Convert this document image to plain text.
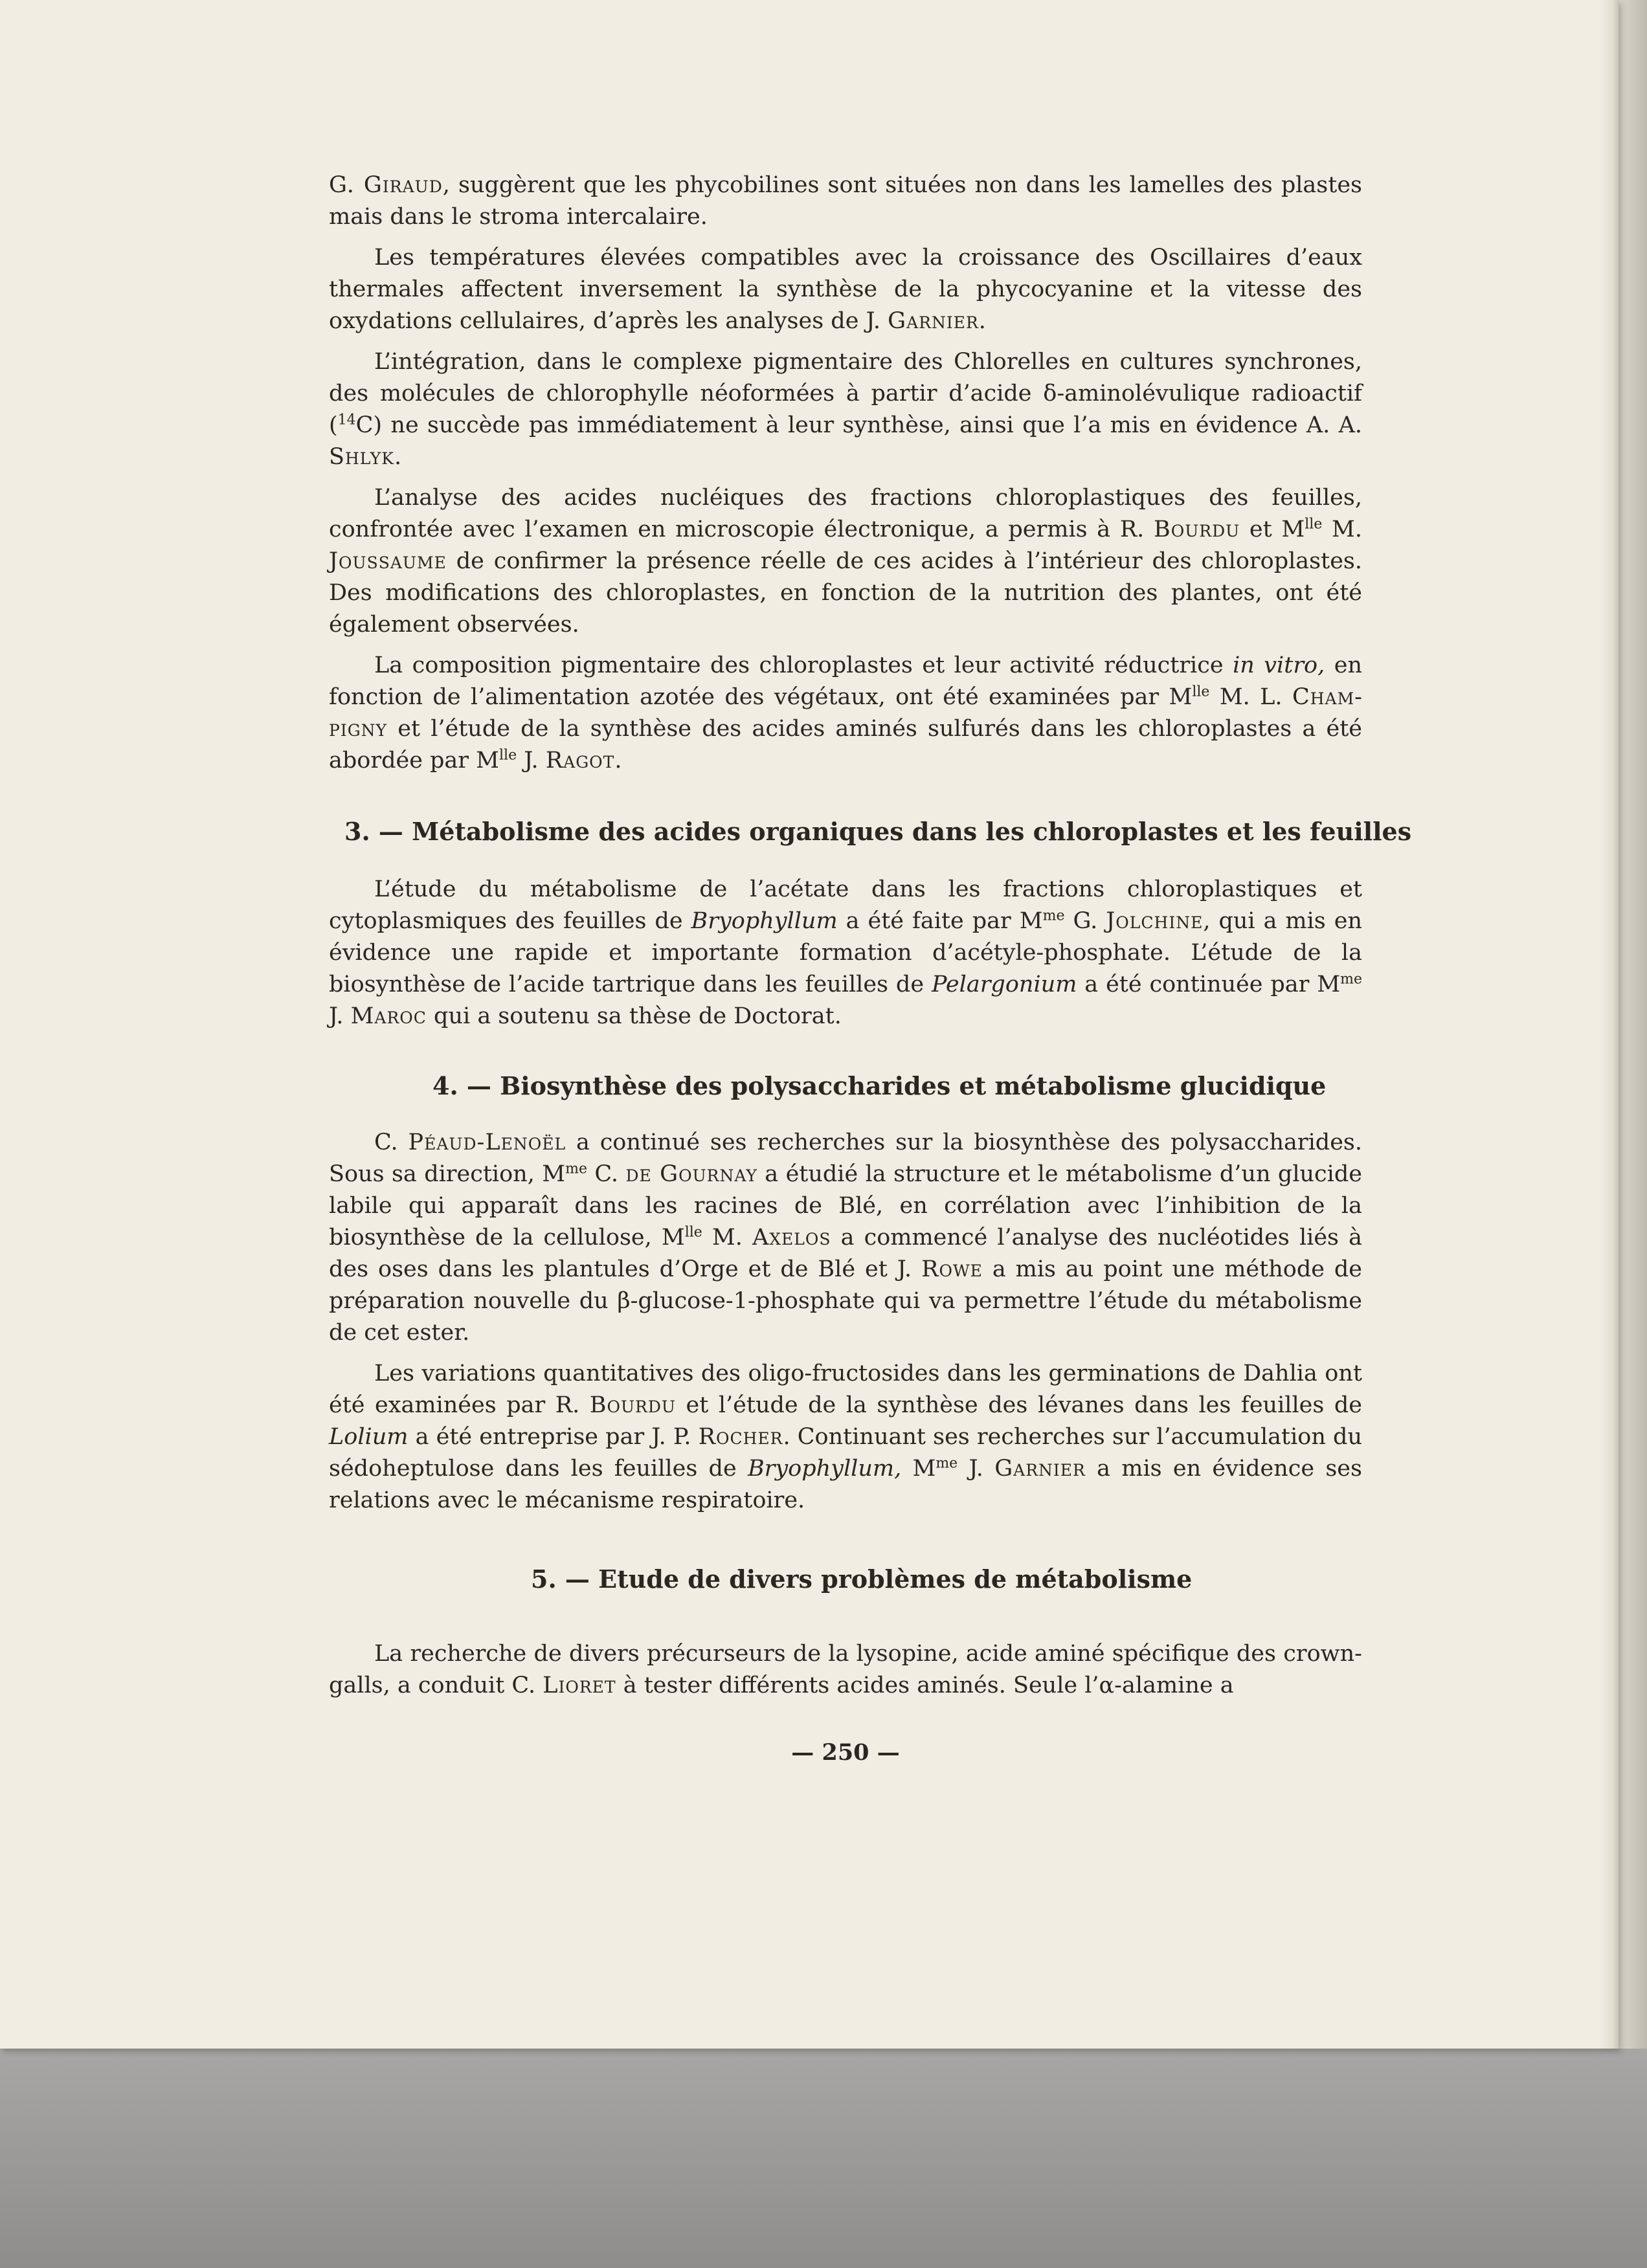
G. Giraud, suggèrent que les phycobilines sont situées non dans les lamelles des plastes mais dans le stroma intercalaire.

Les températures élevées compatibles avec la croissance des Oscillaires d’eaux thermales affectent inversement la synthèse de la phycocyanine et la vitesse des oxydations cellulaires, d’après les analyses de J. Garnier.

L’intégration, dans le complexe pigmentaire des Chlorelles en cultures synchrones, des molécules de chlorophylle néoformées à partir d’acide δ-aminolévulique radioactif ($^{14}$C) ne succède pas immédiatement à leur synthèse, ainsi que l’a mis en évidence A. A. Shlyk.

L’analyse des acides nucléiques des fractions chloroplastiques des feuilles, confrontée avec l’examen en microscopie électronique, a permis à R. Bourdu et $M^{lle}$ M. Joussaume de confirmer la présence réelle de ces acides à l’intérieur des chloroplastes. Des modifications des chloroplastes, en fonction de la nutrition des plantes, ont été également observées.

La composition pigmentaire des chloroplastes et leur activité réductrice in vitro, en fonction de l’alimentation azotée des végétaux, ont été examinées par $M^{lle}$ M. L. Champigny et l’étude de la synthèse des acides aminés sulfurés dans les chloroplastes a été abordée par $M^{lle}$ J. Ragot.

3. — Métabolisme des acides organiques dans les chloroplastes et les feuilles

L’étude du métabolisme de l’acétate dans les fractions chloroplastiques et cytoplasmiques des feuilles de Bryophyllum a été faite par $M^{me}$ G. Jolchine, qui a mis en évidence une rapide et importante formation d’acétyle-phosphate. L’étude de la biosynthèse de l’acide tartrique dans les feuilles de Pelargonium a été continuée par $M^{me}$ J. Maroc qui a soutenu sa thèse de Doctorat.

4. — Biosynthèse des polysaccharides et métabolisme glucidique

C. Péaud-Lenoël a continué ses recherches sur la biosynthèse des polysaccharides. Sous sa direction, $M^{me}$ C. de Gournay a étudié la structure et le métabolisme d’un glucide labile qui apparaît dans les racines de Blé, en corrélation avec l’inhibition de la biosynthèse de la cellulose, $M^{lle}$ M. Axelos a commencé l’analyse des nucléotides liés à des oses dans les plantules d’Orge et de Blé et J. Rowe a mis au point une méthode de préparation nouvelle du β-glucose-1-phosphate qui va permettre l’étude du métabolisme de cet ester.

Les variations quantitatives des oligo-fructosides dans les germinations de Dahlia ont été examinées par R. Bourdu et l’étude de la synthèse des lévanes dans les feuilles de Lolium a été entreprise par J. P. Rocher. Continuant ses recherches sur l’accumulation du sédoheptulose dans les feuilles de Bryophyllum, $M^{me}$ J. Garnier a mis en évidence ses relations avec le mécanisme respiratoire.

5. — Etude de divers problèmes de métabolisme

La recherche de divers précurseurs de la lysopine, acide aminé spécifique des crown-galls, a conduit C. Lioret à tester différents acides aminés. Seule l’α-alamine a

— 250 —
